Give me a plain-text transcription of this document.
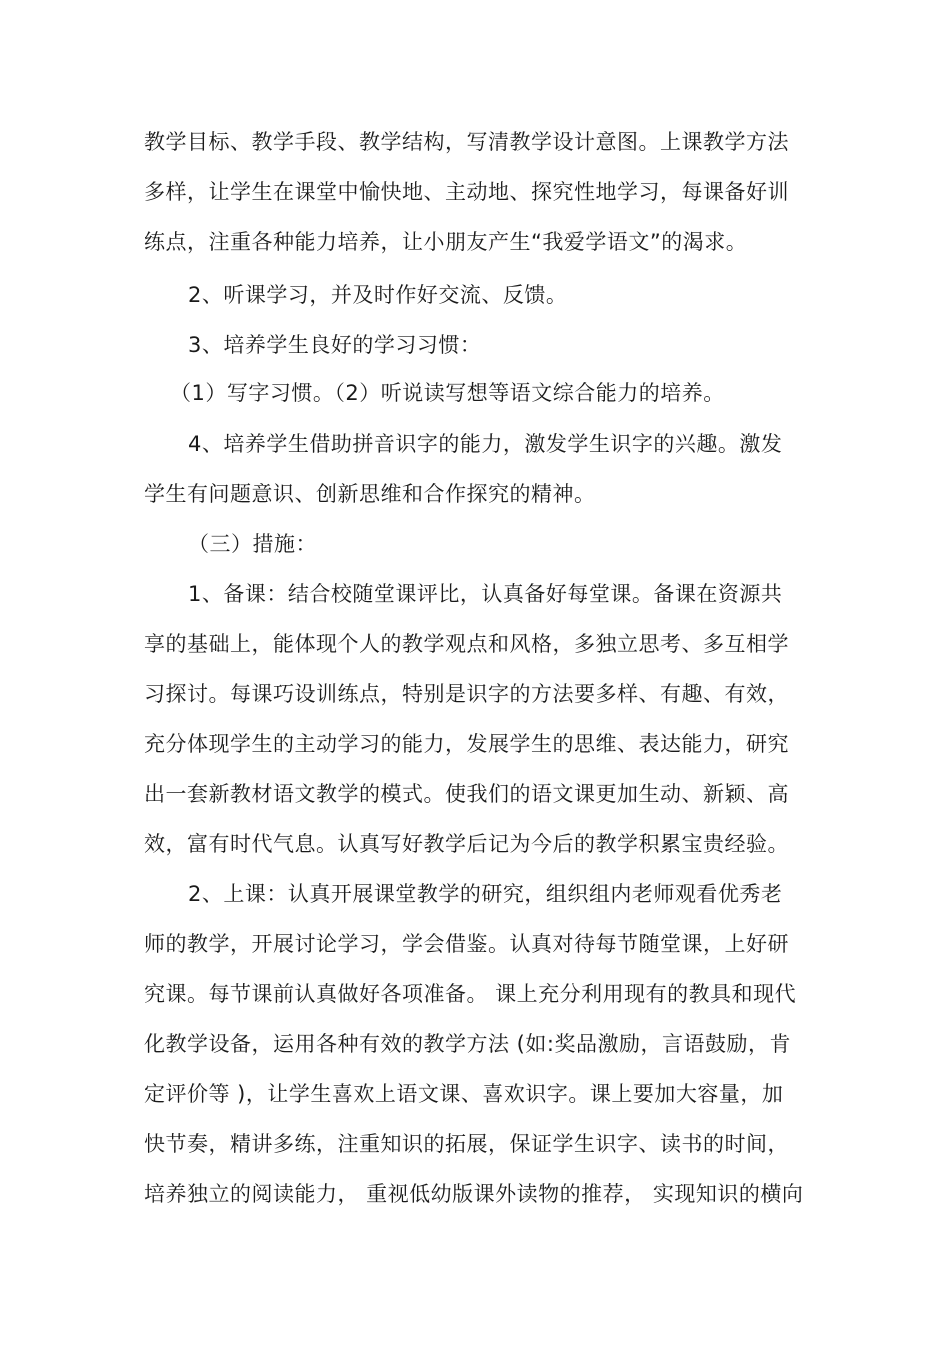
教学目标、教学手段、教学结构，写清教学设计意图。上课教学方法
多样，让学生在课堂中愉快地、主动地、探究性地学习，每课备好训
练点，注重各种能力培养，让小朋友产生“我爱学语文”的渴求。
2、听课学习，并及时作好交流、反馈。
3、培养学生良好的学习习惯：
（1）写字习惯。（2）听说读写想等语文综合能力的培养。
4、培养学生借助拼音识字的能力，激发学生识字的兴趣。激发
学生有问题意识、创新思维和合作探究的精神。
（三）措施：
1、备课：结合校随堂课评比，认真备好每堂课。备课在资源共
享的基础上，能体现个人的教学观点和风格，多独立思考、多互相学
习探讨。每课巧设训练点，特别是识字的方法要多样、有趣、有效，
充分体现学生的主动学习的能力，发展学生的思维、表达能力，研究
出一套新教材语文教学的模式。使我们的语文课更加生动、新颖、高
效，富有时代气息。认真写好教学后记为今后的教学积累宝贵经验。
2、上课：认真开展课堂教学的研究，组织组内老师观看优秀老
师的教学，开展讨论学习，学会借鉴。认真对待每节随堂课，上好研
究课。每节课前认真做好各项准备。 课上充分利用现有的教具和现代
化教学设备，运用各种有效的教学方法 (如:奖品激励，言语鼓励，肯
定评价等 )，让学生喜欢上语文课、喜欢识字。课上要加大容量，加
快节奏，精讲多练，注重知识的拓展，保证学生识字、读书的时间，
培养独立的阅读能力， 重视低幼版课外读物的推荐， 实现知识的横向
